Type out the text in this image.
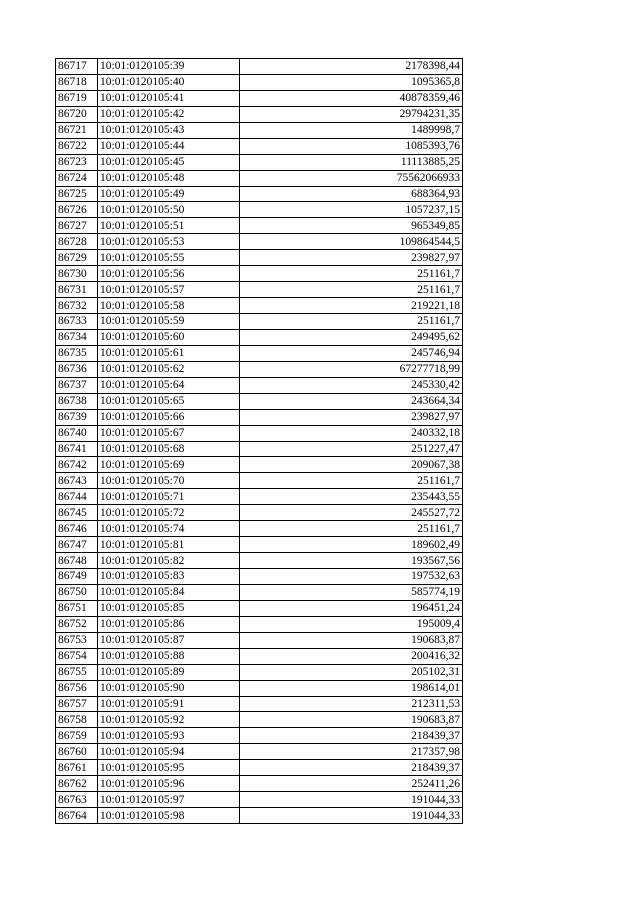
86717	10:01:0120105:39	2178398,44
86718	10:01:0120105:40	1095365,8
86719	10:01:0120105:41	40878359,46
86720	10:01:0120105:42	29794231,35
86721	10:01:0120105:43	1489998,7
86722	10:01:0120105:44	1085393,76
86723	10:01:0120105:45	11113885,25
86724	10:01:0120105:48	75562066933
86725	10:01:0120105:49	688364,93
86726	10:01:0120105:50	1057237,15
86727	10:01:0120105:51	965349,85
86728	10:01:0120105:53	109864544,5
86729	10:01:0120105:55	239827,97
86730	10:01:0120105:56	251161,7
86731	10:01:0120105:57	251161,7
86732	10:01:0120105:58	219221,18
86733	10:01:0120105:59	251161,7
86734	10:01:0120105:60	249495,62
86735	10:01:0120105:61	245746,94
86736	10:01:0120105:62	67277718,99
86737	10:01:0120105:64	245330,42
86738	10:01:0120105:65	243664,34
86739	10:01:0120105:66	239827,97
86740	10:01:0120105:67	240332,18
86741	10:01:0120105:68	251227,47
86742	10:01:0120105:69	209067,38
86743	10:01:0120105:70	251161,7
86744	10:01:0120105:71	235443,55
86745	10:01:0120105:72	245527,72
86746	10:01:0120105:74	251161,7
86747	10:01:0120105:81	189602,49
86748	10:01:0120105:82	193567,56
86749	10:01:0120105:83	197532,63
86750	10:01:0120105:84	585774,19
86751	10:01:0120105:85	196451,24
86752	10:01:0120105:86	195009,4
86753	10:01:0120105:87	190683,87
86754	10:01:0120105:88	200416,32
86755	10:01:0120105:89	205102,31
86756	10:01:0120105:90	198614,01
86757	10:01:0120105:91	212311,53
86758	10:01:0120105:92	190683,87
86759	10:01:0120105:93	218439,37
86760	10:01:0120105:94	217357,98
86761	10:01:0120105:95	218439,37
86762	10:01:0120105:96	252411,26
86763	10:01:0120105:97	191044,33
86764	10:01:0120105:98	191044,33
